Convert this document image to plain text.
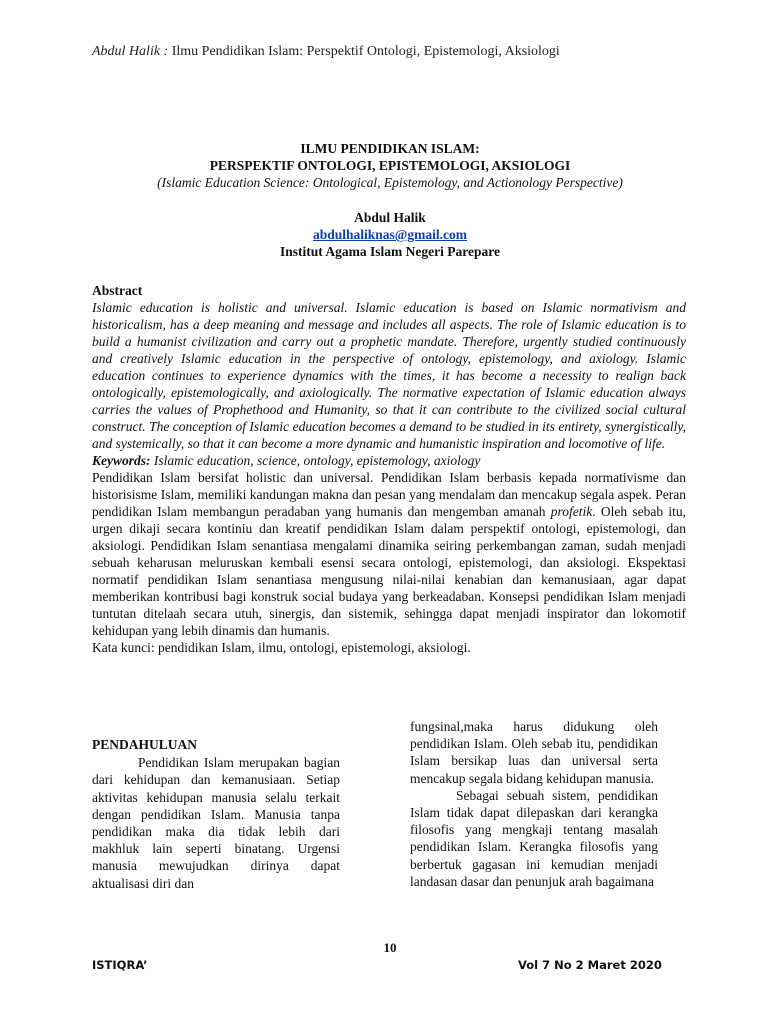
Abdul Halik : Ilmu Pendidikan Islam: Perspektif Ontologi, Epistemologi, Aksiologi
ILMU PENDIDIKAN ISLAM:
PERSPEKTIF ONTOLOGI, EPISTEMOLOGI, AKSIOLOGI
(Islamic Education Science: Ontological, Epistemology, and Actionology Perspective)
Abdul Halik
abdulhaliknas@gmail.com
Institut Agama Islam Negeri Parepare
Abstract
Islamic education is holistic and universal. Islamic education is based on Islamic normativism and historicalism, has a deep meaning and message and includes all aspects. The role of Islamic education is to build a humanist civilization and carry out a prophetic mandate. Therefore, urgently studied continuously and creatively Islamic education in the perspective of ontology, epistemology, and axiology. Islamic education continues to experience dynamics with the times, it has become a necessity to realign back ontologically, epistemologically, and axiologically. The normative expectation of Islamic education always carries the values of Prophethood and Humanity, so that it can contribute to the civilized social cultural construct. The conception of Islamic education becomes a demand to be studied in its entirety, synergistically, and systemically, so that it can become a more dynamic and humanistic inspiration and locomotive of life.
Keywords: Islamic education, science, ontology, epistemology, axiology
Pendidikan Islam bersifat holistic dan universal. Pendidikan Islam berbasis kepada normativisme dan historisisme Islam, memiliki kandungan makna dan pesan yang mendalam dan mencakup segala aspek. Peran pendidikan Islam membangun peradaban yang humanis dan mengemban amanah profetik. Oleh sebab itu, urgen dikaji secara kontiniu dan kreatif pendidikan Islam dalam perspektif ontologi, epistemologi, dan aksiologi. Pendidikan Islam senantiasa mengalami dinamika seiring perkembangan zaman, sudah menjadi sebuah keharusan meluruskan kembali esensi secara ontologi, epistemologi, dan aksiologi. Ekspektasi normatif pendidikan Islam senantiasa mengusung nilai-nilai kenabian dan kemanusiaan, agar dapat memberikan kontribusi bagi konstruk social budaya yang berkeadaban. Konsepsi pendidikan Islam menjadi tuntutan ditelaah secara utuh, sinergis, dan sistemik, sehingga dapat menjadi inspirator dan lokomotif kehidupan yang lebih dinamis dan humanis.
Kata kunci: pendidikan Islam, ilmu, ontologi, epistemologi, aksiologi.
PENDAHULUAN

Pendidikan Islam merupakan bagian dari kehidupan dan kemanusiaan. Setiap aktivitas kehidupan manusia selalu terkait dengan pendidikan Islam. Manusia tanpa pendidikan maka dia tidak lebih dari makhluk lain seperti binatang. Urgensi manusia mewujudkan dirinya dapat aktualisasi diri dan

fungsinal,maka harus didukung oleh pendidikan Islam. Oleh sebab itu, pendidikan Islam bersikap luas dan universal serta mencakup segala bidang kehidupan manusia.

Sebagai sebuah sistem, pendidikan Islam tidak dapat dilepaskan dari kerangka filosofis yang mengkaji tentang masalah pendidikan Islam. Kerangka filosofis yang berbertuk gagasan ini kemudian menjadi landasan dasar dan penunjuk arah bagaimana

10
ISTIQRA’	Vol 7 No 2 Maret 2020
